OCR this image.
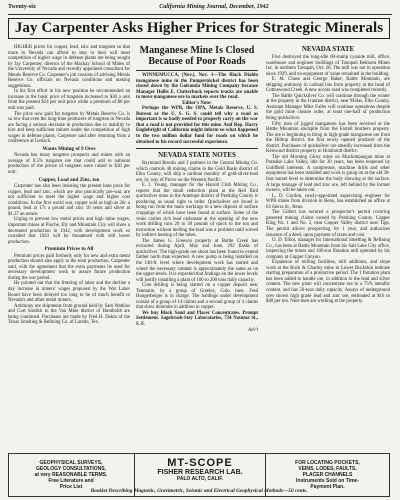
Twenty-six	California Mining Journal, December, 1942
Jay Carpenter Asks Higher Prices for Strategic Minerals

HIGHER prices for copper, lead, zinc and tungsten so that more in Nevada can afford to step in their will meet competition of higher wage in defense plants are being sought by Jay Carpenter, director of the Mackay School of Mines of the University of Nevada and recently appointed consultant for Metals Reserve Co. Carpenter's job consists of advising Metals Reserve Co. officials on Nevada conditions and making suggestions.

In his first effort in his new position he recommended an increase in the basic price of tungsten increased to $30 a unit from the present $24 per unit price while a premium of $6 per unit was paid.

The price now paid for tungsten by Metals Reserve Co. is so low that even the long-time producers of tungsten in Nevada are facing a serious decrease in production due to inability to hire and keep sufficient miners under the competition of high wages in defense plants, Carpenter said after returning from a conference at Gerlach.

Wants Mining of 9 Ores

Nevada has many tungsten prospects and mines with an average of 0.5% tungsten ore that could add to national production of the prince of tungsten were raised to $30 per unit.

Copper, Lead and Zinc, too

Carpenter has also been insisting the present base price for copper, lead and zinc, which are also practically pre-war, are not sufficient to meet the higher wage and higher cost conditions. In the first world war, copper sold as high as 26c a pound, lead at 17c a pound and zinc 10 cents and silver at $1.37 an ounce.

Urging to prevent low metal prices and high mine wages, important mines at Pioche, Ely and Mountain City will show a decreased production in 1942, with development work so curtailed that 1943 will be threatened with still lower production.

Premium Prices to All

Premium prices paid formerly only for new and extra metal production should also apply to the total production, Carpenter said, with the agreement that the extra payments be used for necessary development work to assure future production during the war period.

He pointed out that the freezing of labor and the decline a day increase in miners' wages proposed by the War Labor Board have been delayed too long to be of much benefit to Nevada's and other metal miners.

Antimony ore shipments from ground held by Sam Watkins and Curt Stodick in the Van Mine district of Humboldt are being continued. Purchases are made by Fred H. Dakin of the Texas Smelting & Refining Co. of Laredo, Tex.

Manganese Mine Is Closed Because of Poor Roads

WINNEMUCCA, (Nev.), Nov. 1—The Black Diablo manganese mine in the Pumpernickel district has been closed down by the Golconda Mining Company because Manager Hollis E. Clutterbuck reports trucks are unable to move manganese ore to markets over the road.

Editor's Note:

Perhaps the WPB, the OPA, Metals Reserve, U. S. Bureau or the U. S. G. S. could tell why a road as important is so badly needed to properly carry on the war that a road is not provided for this mine. And Rep. Harry Englebright of California might inform us what happened to the two million dollar fund for roads on which he obtained to his record successful experience.

NEVADA STATE NOTES

Raymond Brooks and 3 partners in the Central Mining Co. which controls 40 mining claims in the Gold Basin district of Elko County, will ship a cardinal monthly of gold-silver-lead ore, by way of Provo on the Western Pacific.

E. J. Young, manager for the Harold Club Mining Co., reports that the small reduction plant at the Red Bird quicksilver mine in the Antelope district of Pershing County is producing as usual right to order. Quicksilver ore found is being run from the main workings to a new deposit of surface croppings of which have been found at surface. Some of the veins carries rich lead carbonate at the opening of the new work drilling runs 20 to 30 pounds of quick to the ton and extraction without melting the lead was a problem until solved by indirect heating of the tubes.

The James G. Greeson property at Bottle Creek has extracted during April, May and June, 292 flasks of quicksilver. The high-grade ore shoot has been found to extend farther north than expected. A new pump is being installed on the 140-ft. level where development work has started and where the necessary content is approximately the same as on the upper levels. It is expected that findings on the lower levels will justify installing a plant of 100 to 200 tons daily capacity.

Core drilling is being started on a copper deposit near Tenmarre, by a group of Greeley, Colo. men. Fred Hungerberger is in charge. The holdings under development consist of a group of 14 claims and a second group of 4 claims that show dolomite in addition to copper.

We buy Black Sand and Placer Concentrates. Prompt Settlement. Sagebrush-Stey Laboratories, 734 Natoma St., S. F.

Adv't
NEVADA STATE

Five destroyed the long-idle 60-stamp cyanide mill, office, warehouse and engineer buildings of Tonopah Belmont Mines Inc. in northern Tonopah, Oct. 28. The mill was not in operation since 1929, and no equipment of value remained in the building.

E. M. Chase and George Baker, Battle Mountain, are shipping antimony in carload lots from property at the head of Cottonwood Creek. A new access road was completed recently.

The Battle Quicksilver Co. will continue through the winter at the property in the Ivanhoe district, near Midas, Elko County. Assistant Manager Mike Fuller will continue operations despite the gold mine closure order, at least one-half of production being quicksilver.

Fifty tons of jigged manganese has been received at the Battle Mountain stockpile from the Farrell brothers property. The ore is beginning to bring in high-grade manganese ore from the Hilltop district, the first newly opened producer of the district. Purchases of quicksilver ore steadily increased from the Kenwood district property in Humboldt district.

The old Morning Glory mine on Muchimpaugan mine at Paradise Lake Valley, idle for 30 years, has been reopened by Goldfield interests. A compressor, machine drills and other equipment has been installed and work is going on at the old 30-foot tunnel level to determine the body showing at the surface. A large tonnage of lead and zinc ore, left behind by the former owners, will be taken out.

L. D. Gordon, newly-appointed supervising engineer for WPB mines from division in Reno, has established an office at 63 Sierra St., Reno.

The Gilbert has secured a prospector's permit covering patented mining claims owned by Pershing County. Copper King No. 1 and No. 2, near Copper Valley district near Tipp. The permit allows prospecting for 1 year, and authorizes issuance of a deed, upon payment of taxes and cost.

O. D. Elliot, manager for International Smelting & Refining Co., has been at Battle Mountain from his Salt Lake City office, inspecting the mines and 100-ton flotation mill operated by his company at Copper Canyon.

Expansion of milling facilities, mill additions, and slope work at the Buck & Charley mine in Lower Buckskin indicate starting preparation of a productive period. The 1 flotation plant has been added to handle ore, in addition to the lead and silver content. The new plant will concentrate ore to a 75% metallic content, and has 50-tons daily capacity. Assays of underground ores shown high grade lead and zinc ore, estimated at $16 to $40 per ton. Nine men are working at the property.

GEOPHYSICAL SURVEYS,
GEOLOGY CONSULTATIONS,
at very REASONABLE TERMS.
Free Literature and
Price List
MT-SCOPE
FISHER RESEARCH LAB.
PALO ALTO, CALIF.
FOR LOCATING POCKETS,
VEINS, LODES, FAULTS,
PLACER CHANNELS
Instruments Sold on Time-
Payment Plan.
Booklet Describing Magnetic, Gravimetric, Seismic and Electrical Geophysical Methods—50 cents.
